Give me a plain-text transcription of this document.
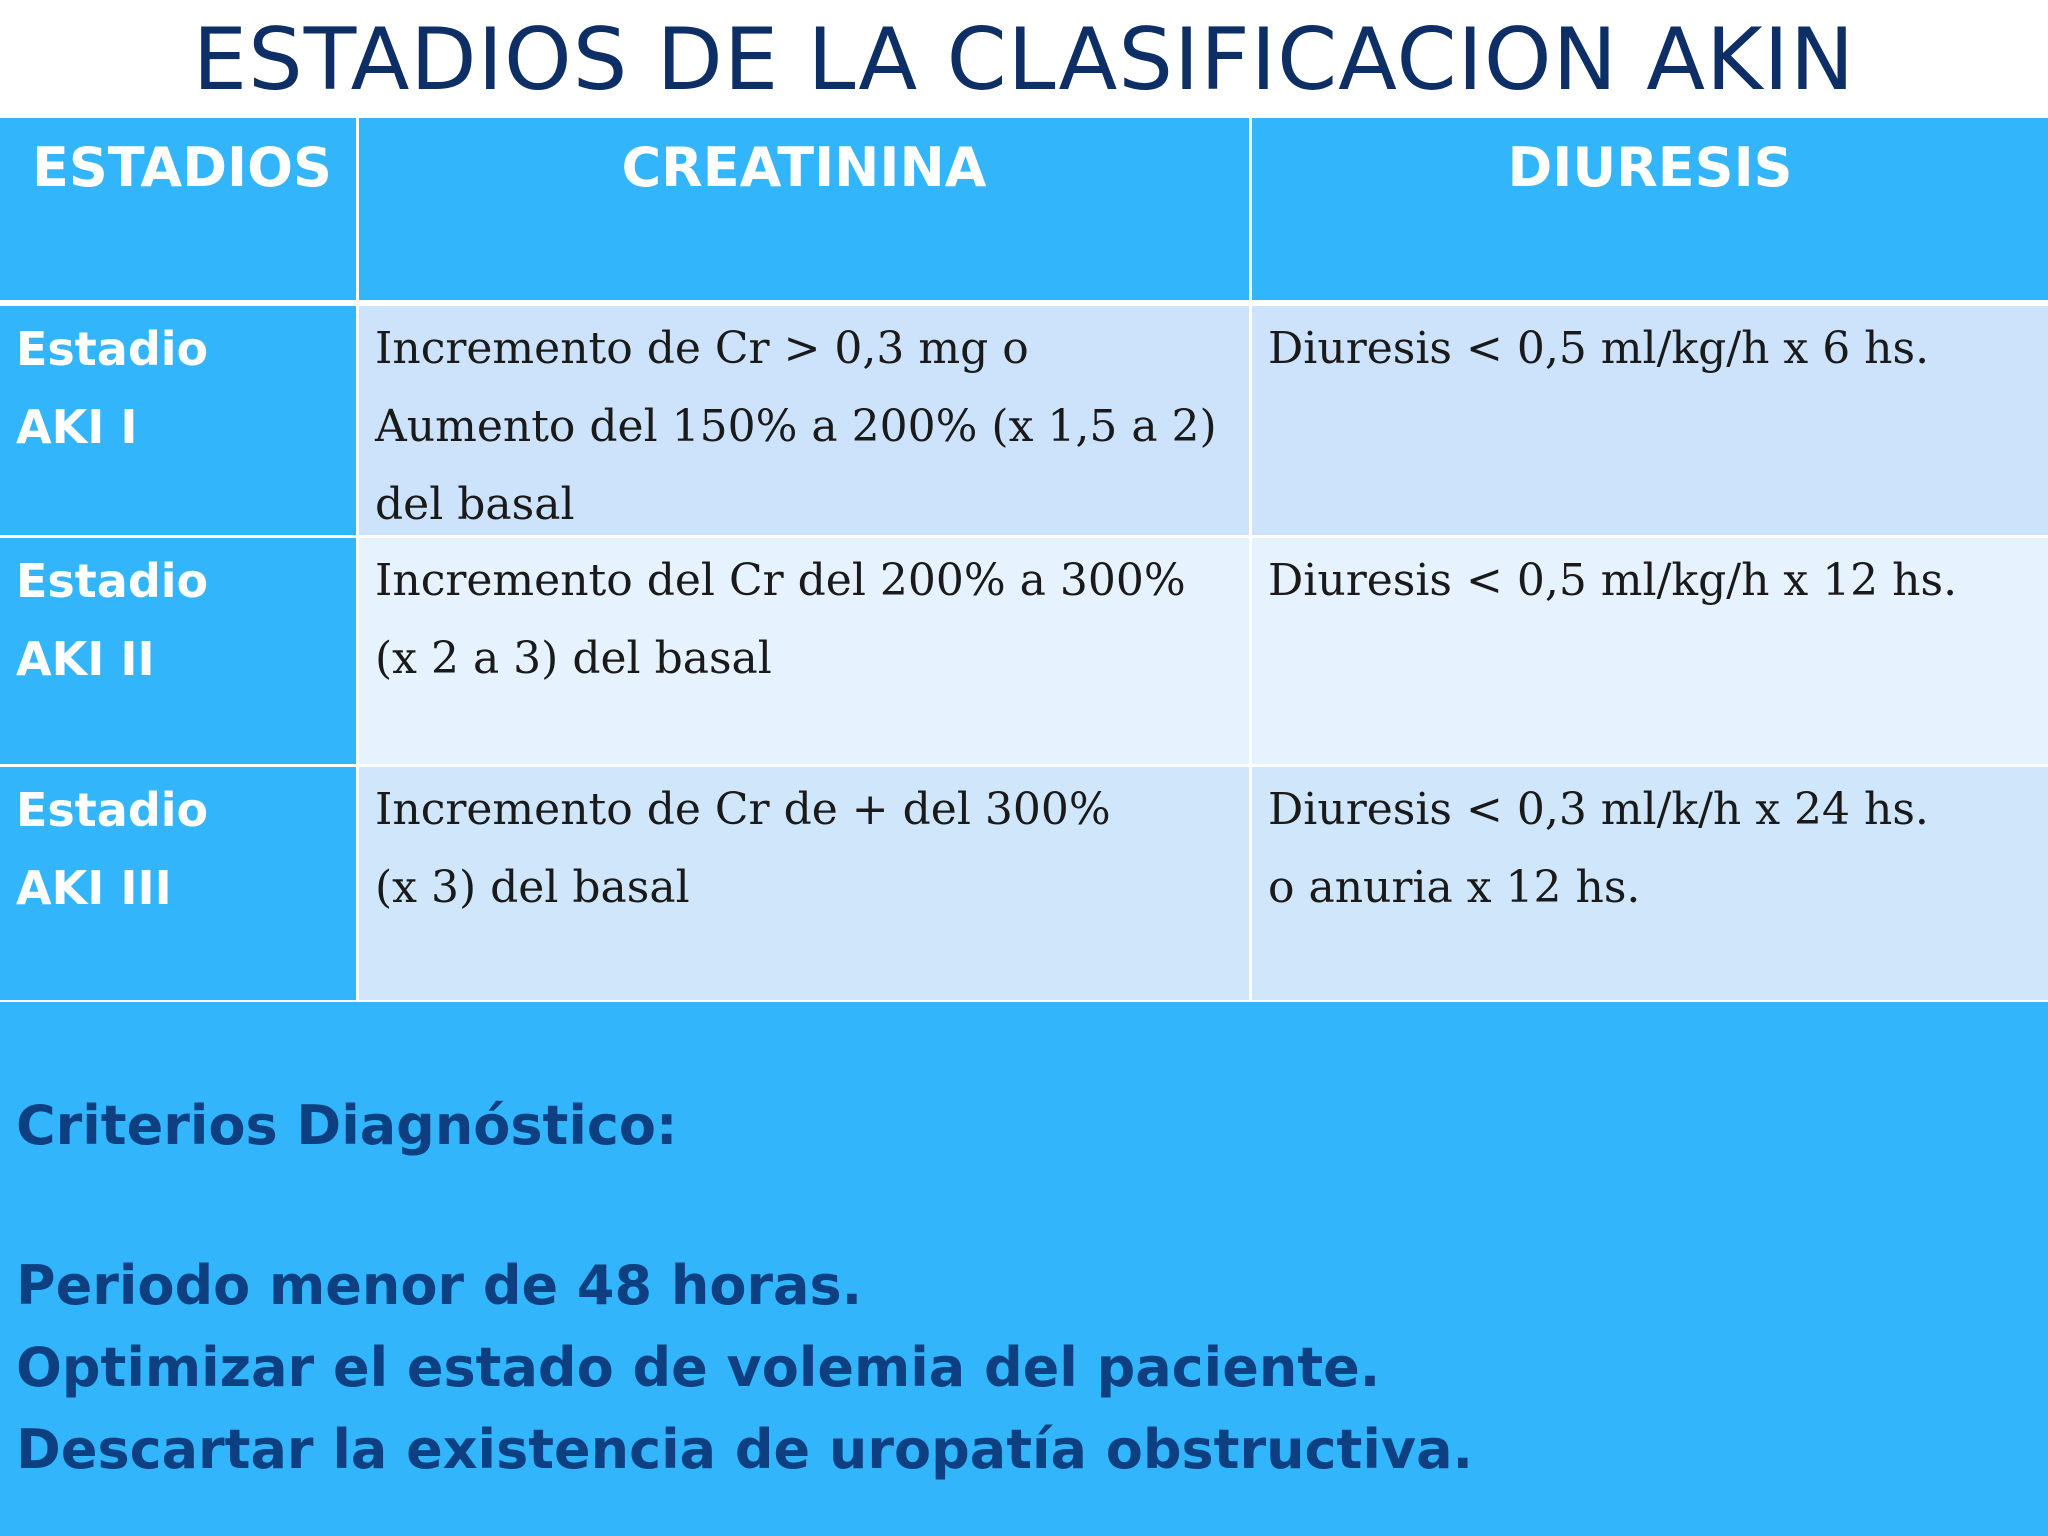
ESTADIOS DE LA CLASIFICACION AKIN
ESTADIOS	CREATININA	DIURESIS
Estadio
AKI I
Incremento de Cr > 0,3 mg o
Aumento del 150% a 200% (x 1,5 a 2)
del basal
Diuresis < 0,5 ml/kg/h x 6 hs.
Estadio
AKI II
Incremento del Cr del 200% a 300%
(x 2 a 3) del basal
Diuresis < 0,5 ml/kg/h x 12 hs.
Estadio
AKI III
Incremento de Cr de + del 300%
(x 3) del basal
Diuresis < 0,3 ml/k/h x 24 hs.
o anuria x 12 hs.
Criterios Diagnóstico:
Periodo menor de 48 horas.
Optimizar el estado de volemia del paciente.
Descartar la existencia de uropatía obstructiva.
